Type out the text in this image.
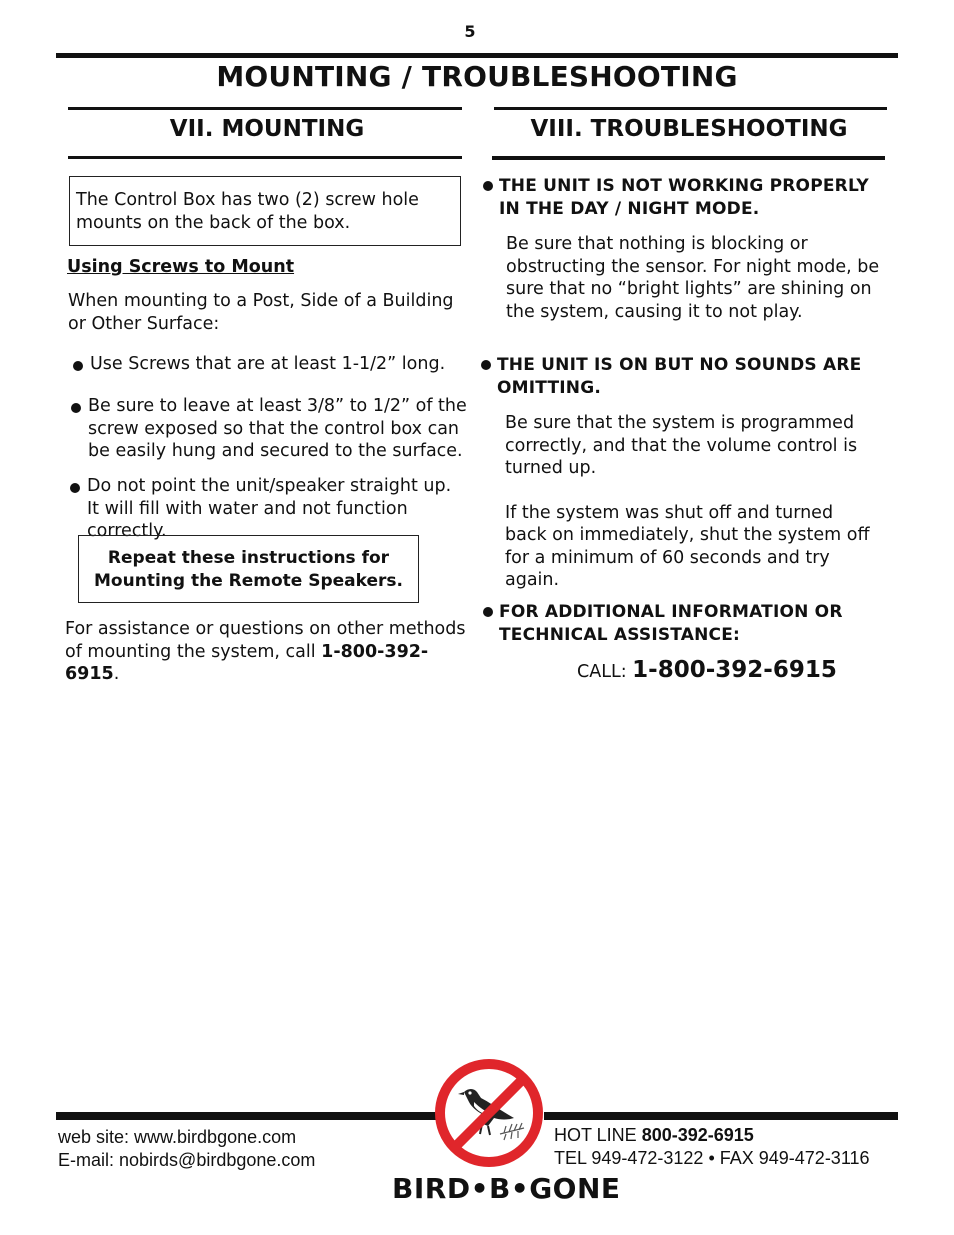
5
MOUNTING / TROUBLESHOOTING
VII. MOUNTING	VIII. TROUBLESHOOTING
The Control Box has two (2) screw hole mounts on the back of the box.
Using Screws to Mount
When mounting to a Post, Side of a Building or Other Surface:
Use Screws that are at least 1-1/2” long.
Be sure to leave at least 3/8” to 1/2” of the screw exposed so that the control box can be easily hung and secured to the surface.
Do not point the unit/speaker straight up. It will fill with water and not function correctly.
Repeat these instructions for Mounting the Remote Speakers.
For assistance or questions on other methods of mounting the system, call 1-800-392-6915.
THE UNIT IS NOT WORKING PROPERLY IN THE DAY / NIGHT MODE.
Be sure that nothing is blocking or obstructing the sensor. For night mode, be sure that no “bright lights” are shining on the system, causing it to not play.
THE UNIT IS ON BUT NO SOUNDS ARE OMITTING.
Be sure that the system is programmed correctly, and that the volume control is turned up.
If the system was shut off and turned back on immediately, shut the system off for a minimum of 60 seconds and try again.
FOR ADDITIONAL INFORMATION OR TECHNICAL ASSISTANCE:
CALL: 1-800-392-6915
web site: www.birdbgone.com
E-mail: nobirds@birdbgone.com
HOT LINE 800-392-6915
TEL 949-472-3122 • FAX 949-472-3116
BIRD•B•GONE
